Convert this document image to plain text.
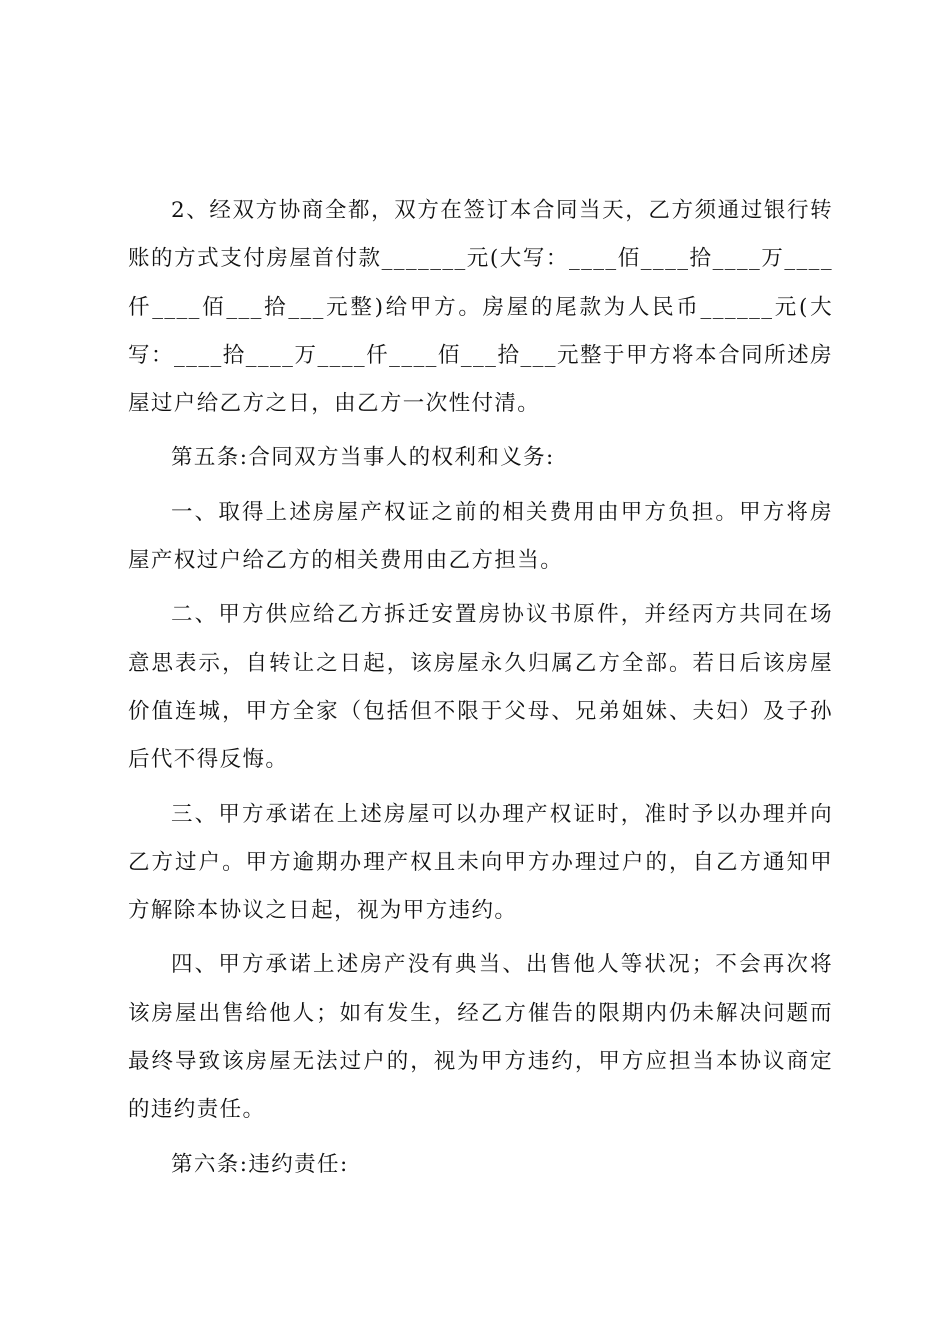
2、经双方协商全都，双方在签订本合同当天，乙方须通过银行转账的方式支付房屋首付款_______元(大写：____佰____拾____万____仟____佰___拾___元整)给甲方。房屋的尾款为人民币______元(大写：____拾____万____仟____佰___拾___元整于甲方将本合同所述房屋过户给乙方之日，由乙方一次性付清。

第五条:合同双方当事人的权利和义务:

一、取得上述房屋产权证之前的相关费用由甲方负担。甲方将房屋产权过户给乙方的相关费用由乙方担当。

二、甲方供应给乙方拆迁安置房协议书原件，并经丙方共同在场意思表示，自转让之日起，该房屋永久归属乙方全部。若日后该房屋价值连城，甲方全家（包括但不限于父母、兄弟姐妹、夫妇）及子孙后代不得反悔。

三、甲方承诺在上述房屋可以办理产权证时，准时予以办理并向乙方过户。甲方逾期办理产权且未向甲方办理过户的，自乙方通知甲方解除本协议之日起，视为甲方违约。

四、甲方承诺上述房产没有典当、出售他人等状况；不会再次将该房屋出售给他人；如有发生，经乙方催告的限期内仍未解决问题而最终导致该房屋无法过户的，视为甲方违约，甲方应担当本协议商定的违约责任。

第六条:违约责任:
